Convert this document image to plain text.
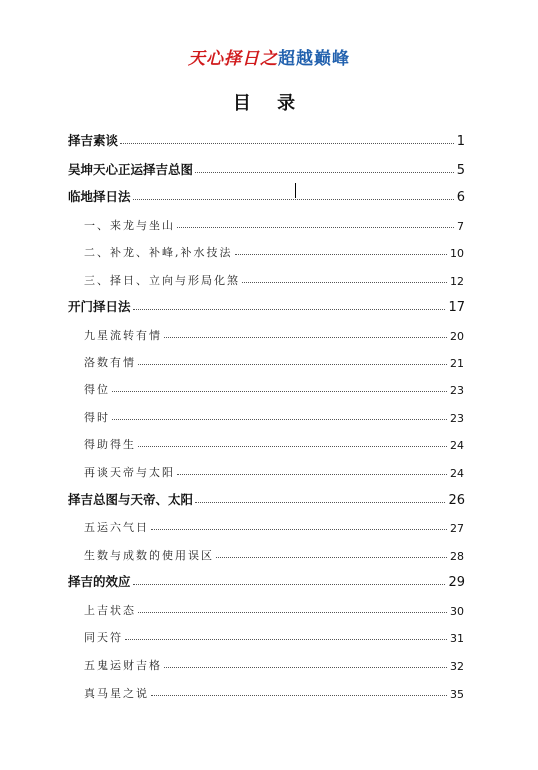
天心择日之超越巅峰
目 录
择吉素谈	1
吴坤天心正运择吉总图	5
临地择日法	6
一、来龙与坐山	7
二、补龙、补峰,补水技法	10
三、择日、立向与形局化煞	12
开门择日法	17
九星流转有情	20
洛数有情	21
得位	23
得时	23
得助得生	24
再谈天帝与太阳	24
择吉总图与天帝、太阳	26
五运六气日	27
生数与成数的使用误区	28
择吉的效应	29
上吉状态	30
同天符	31
五鬼运财吉格	32
真马星之说	35
